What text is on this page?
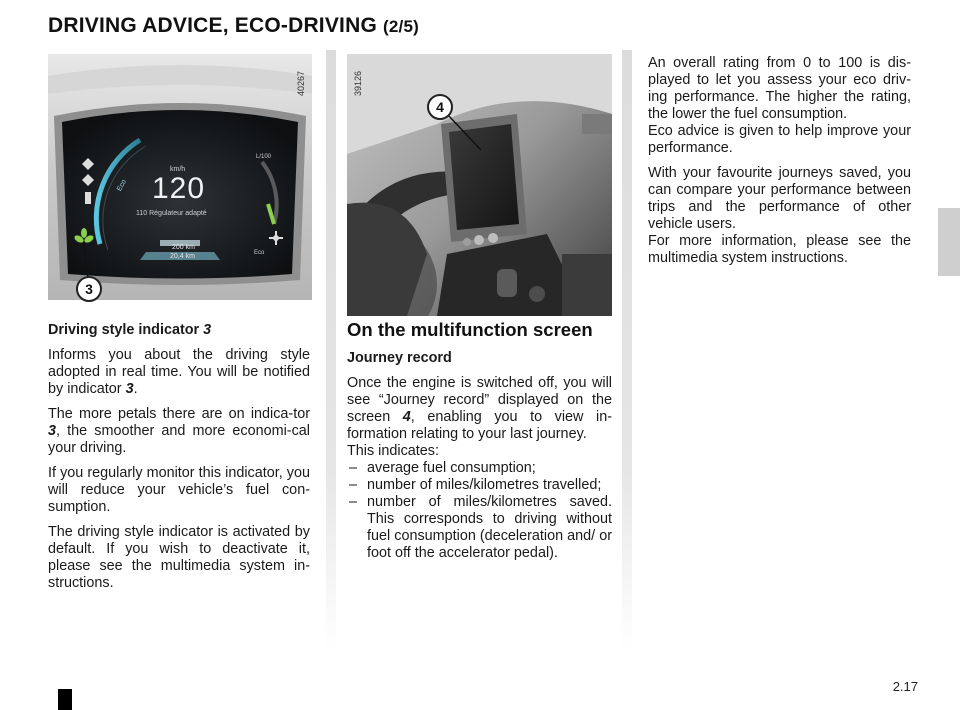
DRIVING ADVICE, ECO-DRIVING (2/5)
km/h
120
110 Régulateur adapté
200 km
20,4 km
Eco
Eco
L/100
3
40267
4
39126
Driving style indicator 3

Informs you about the driving style adopted in real time. You will be notified by indicator 3.

The more petals there are on indica-tor 3, the smoother and more economi-cal your driving.

If you regularly monitor this indicator, you will reduce your vehicle’s fuel con-sumption.

The driving style indicator is activated by default. If you wish to deactivate it, please see the multimedia system in-structions.

On the multifunction screen
Journey record

Once the engine is switched off, you will see “Journey record” displayed on the screen 4, enabling you to view in-formation relating to your last journey.

This indicates:

– average fuel consumption;
– number of miles/kilometres travelled;
– number of miles/kilometres saved. This corresponds to driving without fuel consumption (deceleration and/ or foot off the accelerator pedal).

An overall rating from 0 to 100 is dis-played to let you assess your eco driv-ing performance. The higher the rating, the lower the fuel consumption.

Eco advice is given to help improve your performance.

With your favourite journeys saved, you can compare your performance between trips and the performance of other vehicle users.

For more information, please see the multimedia system instructions.

2.17
